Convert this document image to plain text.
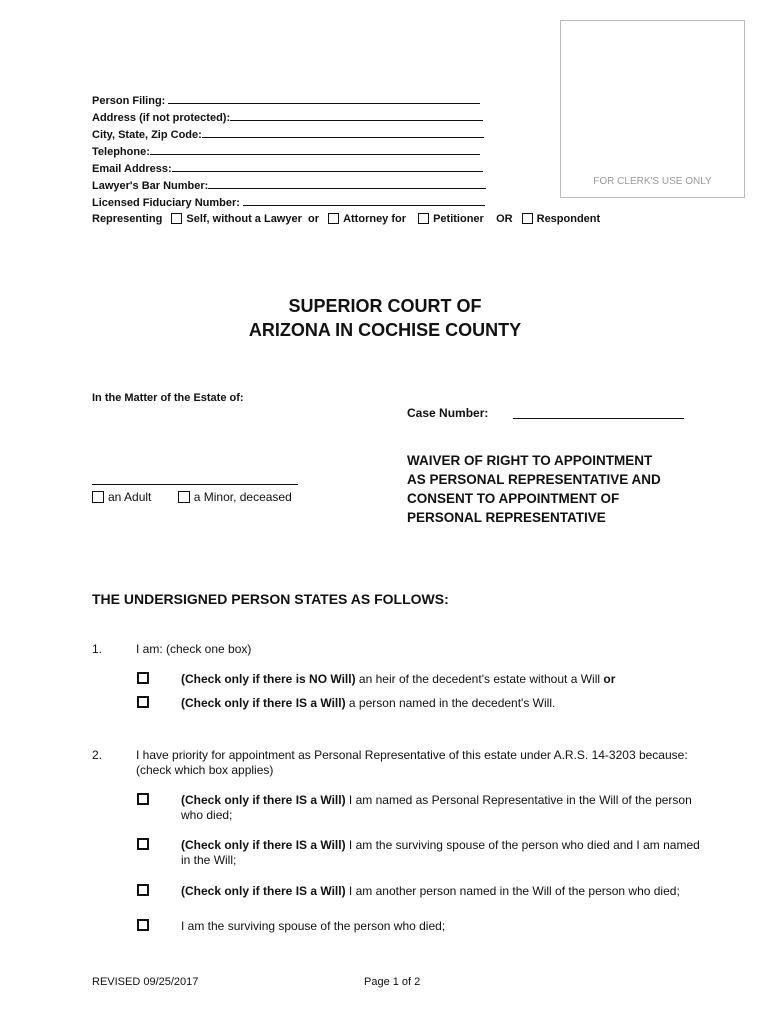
FOR CLERK'S USE ONLY
Person Filing:
Address (if not protected):
City, State, Zip Code:
Telephone:
Email Address:
Lawyer's Bar Number:
Licensed Fiduciary Number:
Representing Self, without a Lawyer or Attorney for Petitioner OR Respondent
SUPERIOR COURT OF
ARIZONA IN COCHISE COUNTY
In the Matter of the Estate of:
Case Number:
an Adult	a Minor, deceased
WAIVER OF RIGHT TO APPOINTMENT
AS PERSONAL REPRESENTATIVE AND
CONSENT TO APPOINTMENT OF
PERSONAL REPRESENTATIVE
THE UNDERSIGNED PERSON STATES AS FOLLOWS:
1.	I am: (check one box)
(Check only if there is NO Will) an heir of the decedent's estate without a Will or
(Check only if there IS a Will) a person named in the decedent's Will.
2.	I have priority for appointment as Personal Representative of this estate under A.R.S. 14-3203 because:
(check which box applies)
(Check only if there IS a Will) I am named as Personal Representative in the Will of the person
who died;
(Check only if there IS a Will) I am the surviving spouse of the person who died and I am named
in the Will;
(Check only if there IS a Will) I am another person named in the Will of the person who died;
I am the surviving spouse of the person who died;
REVISED 09/25/2017	Page 1 of 2
